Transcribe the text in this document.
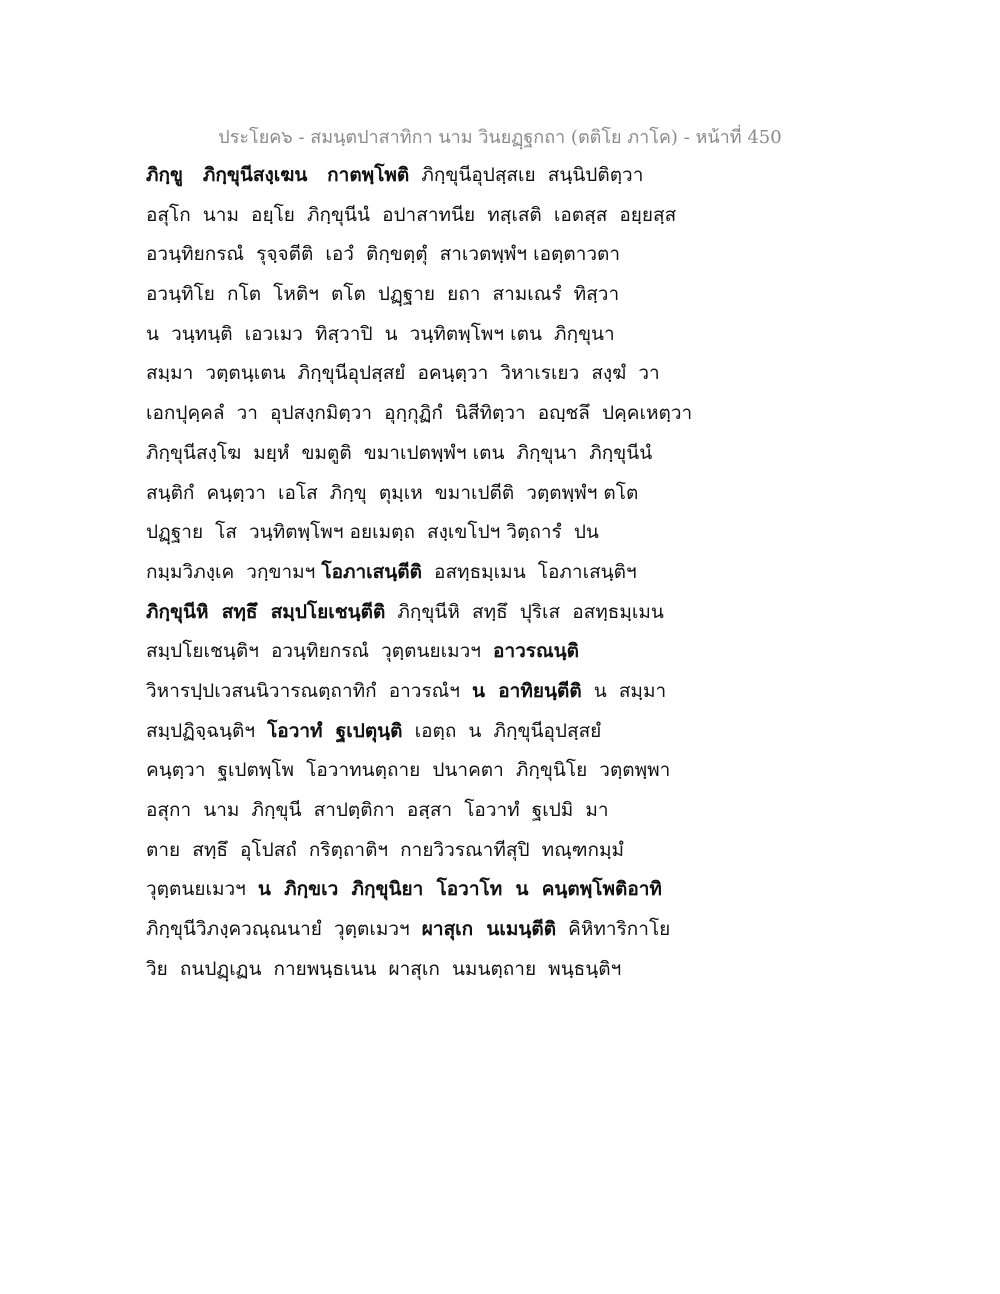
ประโยค๖ - สมนฺตปาสาทิกา นาม วินยฏฺฐกถา (ตติโย ภาโค) - หน้าที่ 450
ภิกฺขู   ภิกฺขุนีสงฺเฆน   กาตพฺโพติ  ภิกฺขุนีอุปสฺสเย  สนฺนิปติตฺวา
อสุโก  นาม  อยฺโย  ภิกฺขุนีนํ  อปาสาทนีย  ทสฺเสติ  เอตสฺส  อยฺยสฺส
อวนฺทิยกรณํ  รุจฺจตีติ  เอวํ  ติกฺขตฺตุํ  สาเวตพฺพํฯ เอตฺตาวตา
อวนฺทิโย  กโต  โหติฯ  ตโต  ปฏฺฐาย  ยถา  สามเณรํ  ทิสฺวา
น  วนฺทนฺติ  เอวเมว  ทิสฺวาปิ  น  วนฺทิตพฺโพฯ เตน  ภิกฺขุนา
สมฺมา  วตฺตนฺเตน  ภิกฺขุนีอุปสฺสยํ  อคนฺตฺวา  วิหาเรเยว  สงฺฆํ  วา
เอกปุคฺคลํ  วา  อุปสงฺกมิตฺวา  อุกฺกุฏิกํ  นิสีทิตฺวา  อญฺชลึ  ปคฺคเหตฺวา
ภิกฺขุนีสงฺโฆ  มยฺหํ  ขมตูติ  ขมาเปตพฺพํฯ เตน  ภิกฺขุนา  ภิกฺขุนีนํ
สนฺติกํ  คนฺตฺวา  เอโส  ภิกฺขุ  ตุมฺเห  ขมาเปตีติ  วตฺตพฺพํฯ ตโต
ปฏฺฐาย  โส  วนฺทิตพฺโพฯ อยเมตฺถ  สงฺเขโปฯ วิตฺถารํ  ปน
กมฺมวิภงฺเค  วกฺขามฯ โอภาเสนฺตีติ  อสทฺธมฺเมน  โอภาเสนฺติฯ
ภิกฺขุนีหิ  สทฺธึ  สมฺปโยเชนฺตีติ  ภิกฺขุนีหิ  สทฺธึ  ปุริเส  อสทฺธมฺเมน
สมฺปโยเชนฺติฯ  อวนฺทิยกรณํ  วุตฺตนยเมวฯ  อาวรณนฺติ
วิหารปฺปเวสนนิวารณตฺถาทิกํ  อาวรณํฯ  น  อาทิยนฺตีติ  น  สมฺมา
สมฺปฏิจฺฉนฺติฯ  โอวาทํ  ฐเปตุนฺติ  เอตฺถ  น  ภิกฺขุนีอุปสฺสยํ
คนฺตฺวา  ฐเปตพฺโพ  โอวาทนตฺถาย  ปนาคตา  ภิกฺขุนิโย  วตฺตพฺพา
อสุกา  นาม  ภิกฺขุนี  สาปตฺติกา  อสฺสา  โอวาทํ  ฐเปมิ  มา
ตาย  สทฺธึ  อุโปสถํ  กริตฺถาติฯ  กายวิวรณาทีสุปิ  ทณฺฑกมฺมํ
วุตฺตนยเมวฯ  น  ภิกฺขเว  ภิกฺขุนิยา  โอวาโท  น  คนฺตพฺโพติอาทิ
ภิกฺขุนีวิภงฺควณฺณนายํ  วุตฺตเมวฯ  ผาสุเก  นเมนฺตีติ  คิหิทาริกาโย
วิย  ถนปฏฺเฏน  กายพนฺธเนน  ผาสุเก  นมนตฺถาย  พนฺธนฺติฯ
